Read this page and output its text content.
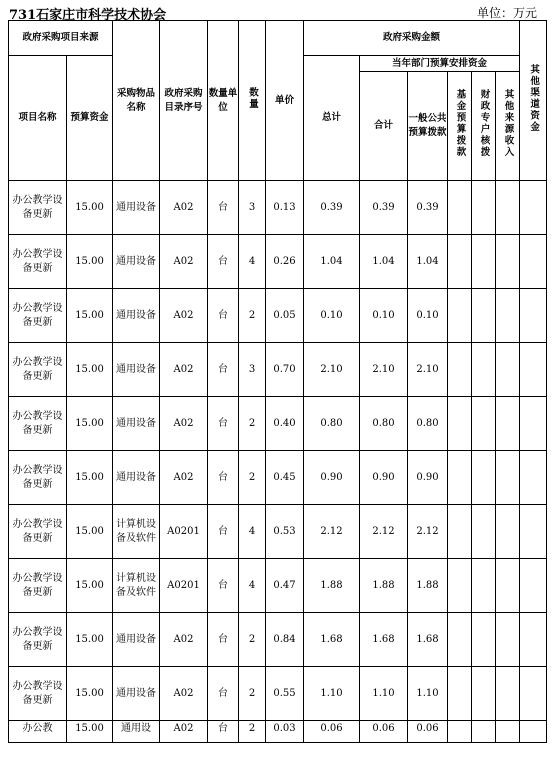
731石家庄市科学技术协会	单位：万元
政府采购项目来源		采购物品名称	政府采购目录序号	数量单位	数量	单价	政府采购金额						其他渠道资金
项目名称	预算资金						总计	当年部门预算安排资金					
								合计	一般公共预算拨款	基金预算拨款	财政专户核拨	其他来源收入	
办公教学设备更新	15.00	通用设备	A02	台	3	0.13	0.39	0.39	0.39				
办公教学设备更新	15.00	通用设备	A02	台	4	0.26	1.04	1.04	1.04				
办公教学设备更新	15.00	通用设备	A02	台	2	0.05	0.10	0.10	0.10				
办公教学设备更新	15.00	通用设备	A02	台	3	0.70	2.10	2.10	2.10				
办公教学设备更新	15.00	通用设备	A02	台	2	0.40	0.80	0.80	0.80				
办公教学设备更新	15.00	通用设备	A02	台	2	0.45	0.90	0.90	0.90				
办公教学设备更新	15.00	计算机设备及软件	A0201	台	4	0.53	2.12	2.12	2.12				
办公教学设备更新	15.00	计算机设备及软件	A0201	台	4	0.47	1.88	1.88	1.88				
办公教学设备更新	15.00	通用设备	A02	台	2	0.84	1.68	1.68	1.68				
办公教学设备更新	15.00	通用设备	A02	台	2	0.55	1.10	1.10	1.10				
办公教	15.00	通用设	A02	台	2	0.03	0.06	0.06	0.06				
